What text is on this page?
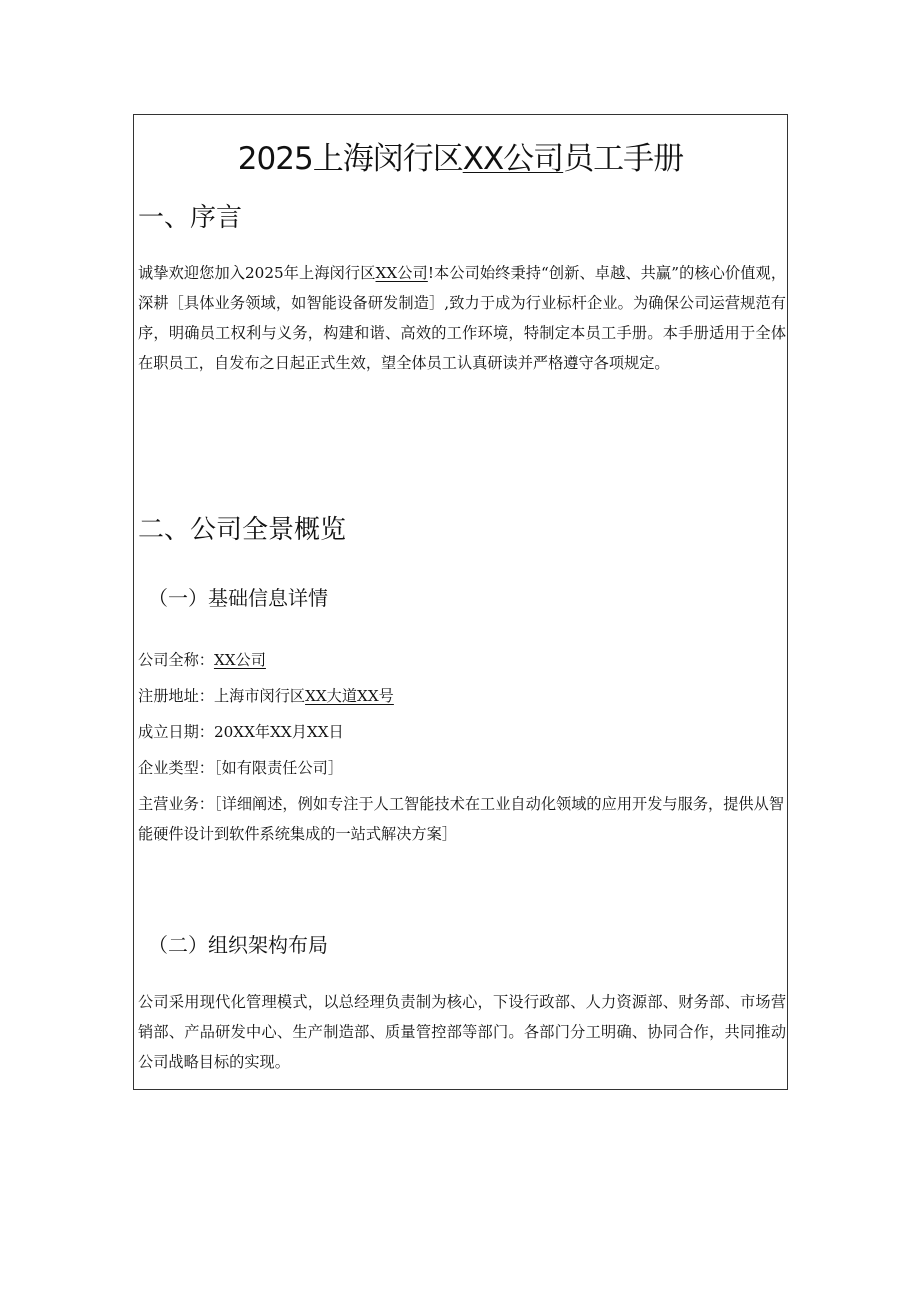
2025上海闵行区XX公司员工手册
一、序言
诚挚欢迎您加入2025年上海闵行区XX公司!本公司始终秉持“创新、卓越、共赢”的核心价值观，深耕［具体业务领域，如智能设备研发制造］,致力于成为行业标杆企业。为确保公司运营规范有序，明确员工权利与义务，构建和谐、高效的工作环境，特制定本员工手册。本手册适用于全体在职员工，自发布之日起正式生效，望全体员工认真研读并严格遵守各项规定。
二、公司全景概览
（一）基础信息详情
公司全称：XX公司
注册地址：上海市闵行区XX大道XX号
成立日期：20XX年XX月XX日
企业类型：［如有限责任公司］
主营业务：［详细阐述，例如专注于人工智能技术在工业自动化领域的应用开发与服务，提供从智能硬件设计到软件系统集成的一站式解决方案］
（二）组织架构布局
公司采用现代化管理模式，以总经理负责制为核心，下设行政部、人力资源部、财务部、市场营销部、产品研发中心、生产制造部、质量管控部等部门。各部门分工明确、协同合作，共同推动公司战略目标的实现。
